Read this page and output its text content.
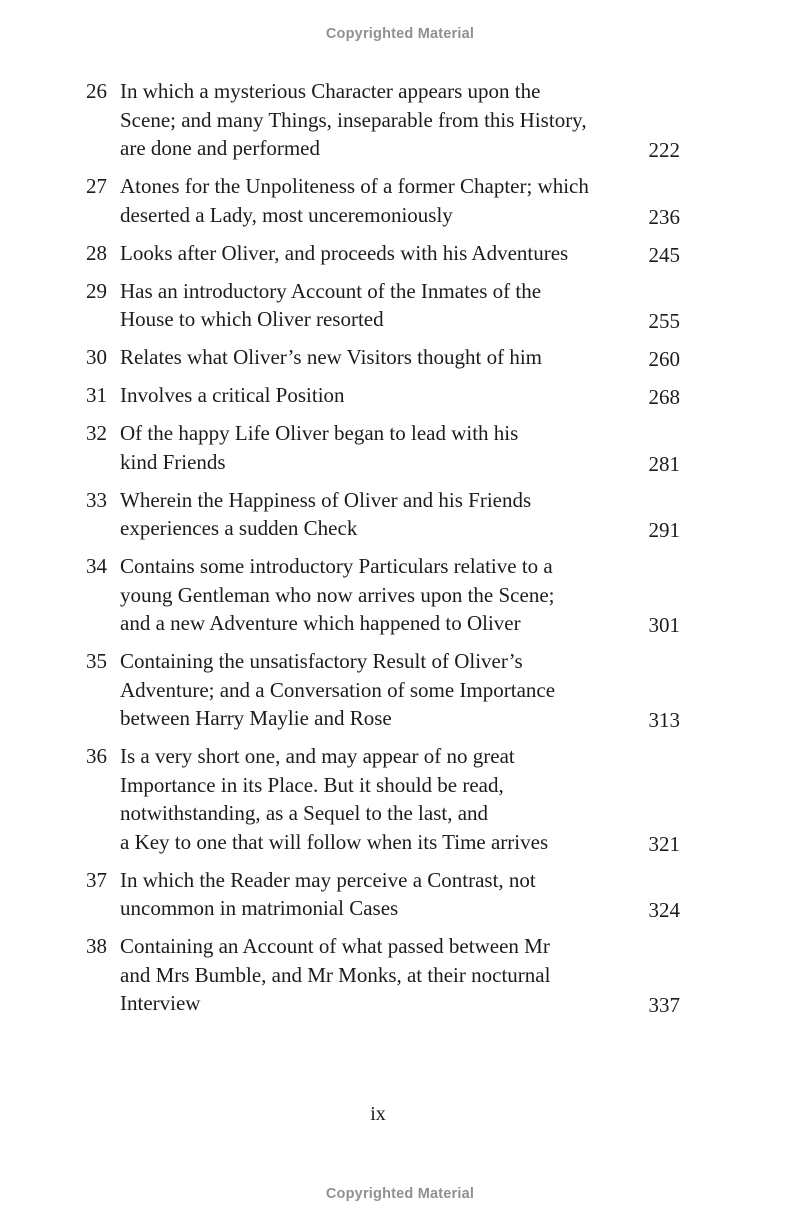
Copyrighted Material
26 In which a mysterious Character appears upon the
Scene; and many Things, inseparable from this History,
are done and performed	222
27 Atones for the Unpoliteness of a former Chapter; which
deserted a Lady, most unceremoniously	236
28 Looks after Oliver, and proceeds with his Adventures	245
29 Has an introductory Account of the Inmates of the
House to which Oliver resorted	255
30 Relates what Oliver’s new Visitors thought of him	260
31 Involves a critical Position	268
32 Of the happy Life Oliver began to lead with his
kind Friends	281
33 Wherein the Happiness of Oliver and his Friends
experiences a sudden Check	291
34 Contains some introductory Particulars relative to a
young Gentleman who now arrives upon the Scene;
and a new Adventure which happened to Oliver	301
35 Containing the unsatisfactory Result of Oliver’s
Adventure; and a Conversation of some Importance
between Harry Maylie and Rose	313
36 Is a very short one, and may appear of no great
Importance in its Place. But it should be read,
notwithstanding, as a Sequel to the last, and
a Key to one that will follow when its Time arrives	321
37 In which the Reader may perceive a Contrast, not
uncommon in matrimonial Cases	324
38 Containing an Account of what passed between Mr
and Mrs Bumble, and Mr Monks, at their nocturnal
Interview	337
ix
Copyrighted Material
